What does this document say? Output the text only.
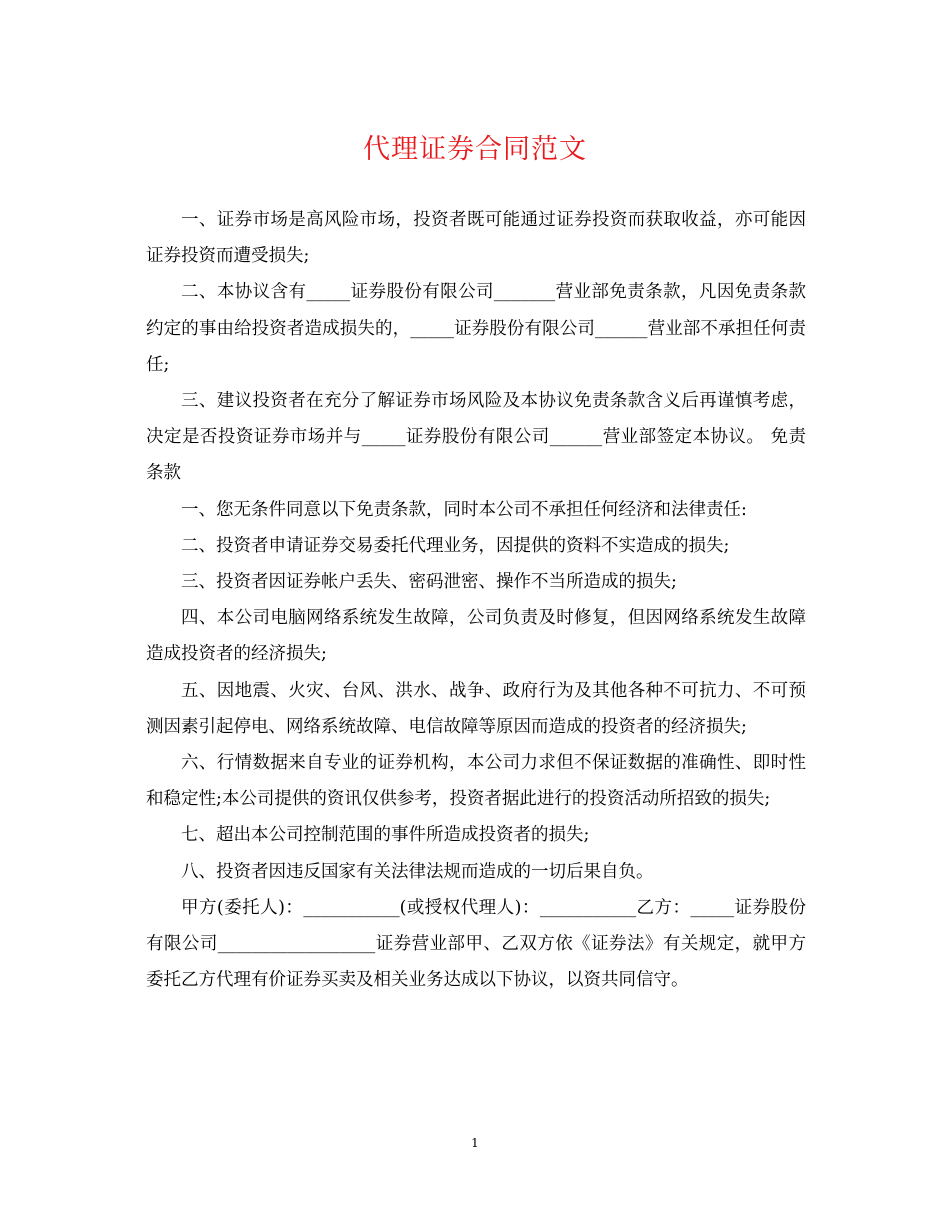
代理证券合同范文

一、证券市场是高风险市场，投资者既可能通过证券投资而获取收益，亦可能因证券投资而遭受损失;

二、本协议含有_____证券股份有限公司_______营业部免责条款，凡因免责条款约定的事由给投资者造成损失的，_____证券股份有限公司______营业部不承担任何责任;

三、建议投资者在充分了解证券市场风险及本协议免责条款含义后再谨慎考虑，决定是否投资证券市场并与_____证券股份有限公司______营业部签定本协议。 免责条款

一、您无条件同意以下免责条款，同时本公司不承担任何经济和法律责任:

二、投资者申请证券交易委托代理业务，因提供的资料不实造成的损失;

三、投资者因证券帐户丢失、密码泄密、操作不当所造成的损失;

四、本公司电脑网络系统发生故障，公司负责及时修复，但因网络系统发生故障造成投资者的经济损失;

五、因地震、火灾、台风、洪水、战争、政府行为及其他各种不可抗力、不可预测因素引起停电、网络系统故障、电信故障等原因而造成的投资者的经济损失;

六、行情数据来自专业的证券机构，本公司力求但不保证数据的准确性、即时性和稳定性;本公司提供的资讯仅供参考，投资者据此进行的投资活动所招致的损失;

七、超出本公司控制范围的事件所造成投资者的损失;

八、投资者因违反国家有关法律法规而造成的一切后果自负。

甲方(委托人)：___________(或授权代理人)：___________乙方：_____证券股份有限公司__________________证券营业部甲、乙双方依《证券法》有关规定，就甲方委托乙方代理有价证券买卖及相关业务达成以下协议，以资共同信守。

1
